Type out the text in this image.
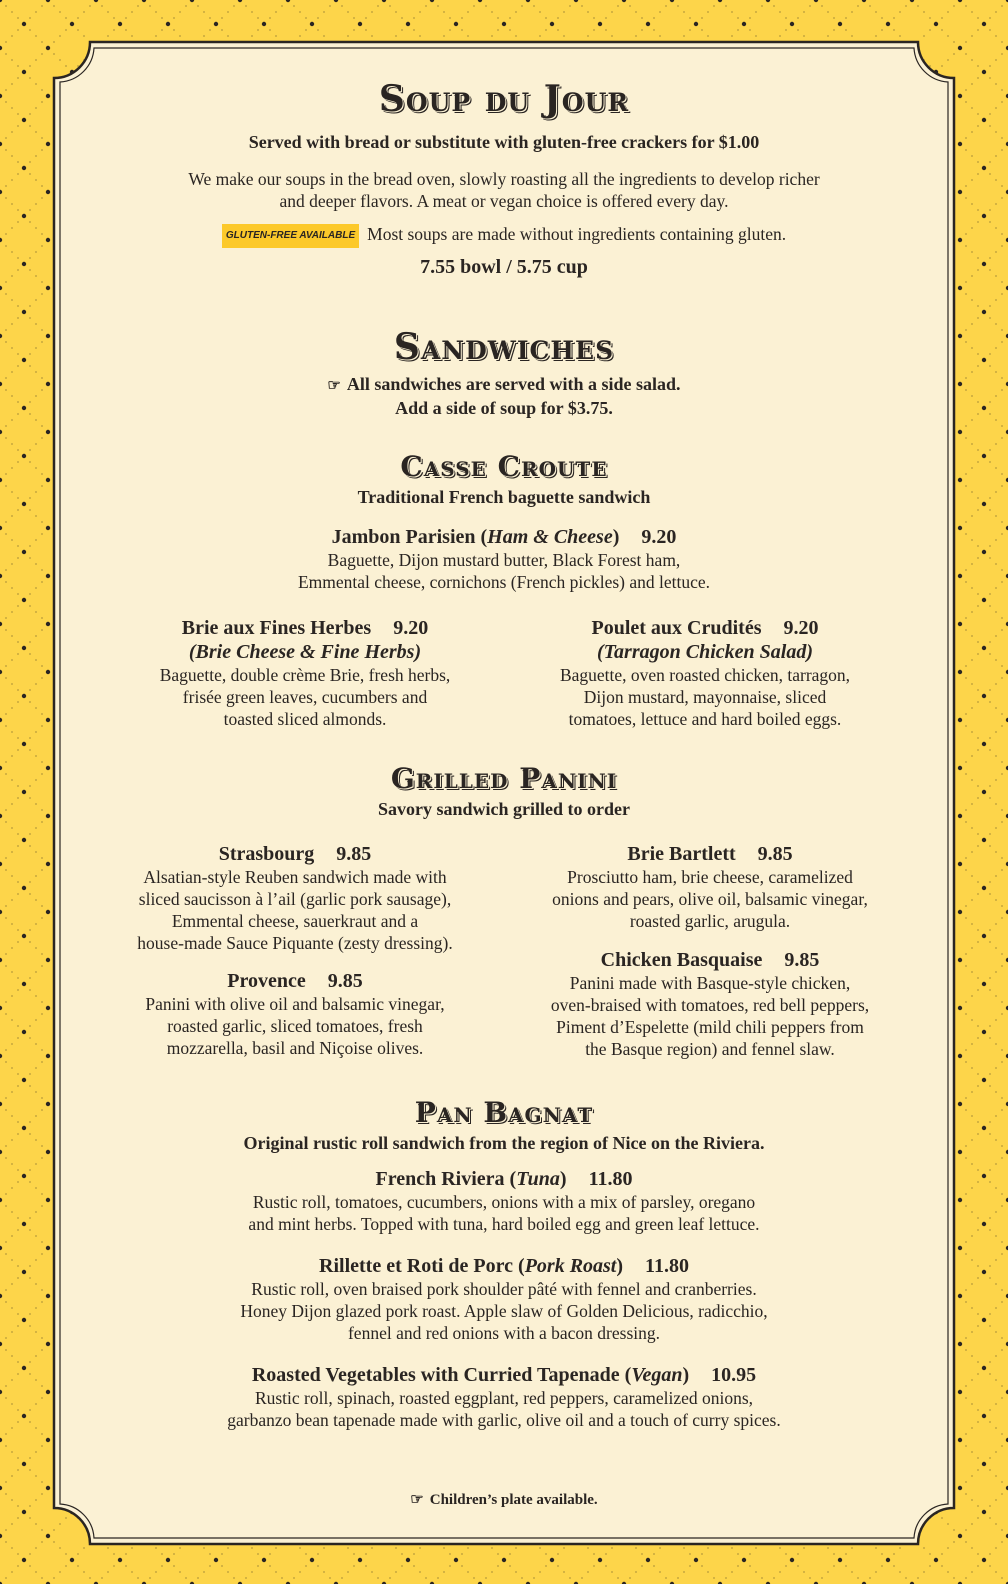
Soup du Jour
Served with bread or substitute with gluten-free crackers for $1.00
We make our soups in the bread oven, slowly roasting all the ingredients to develop richer
and deeper flavors. A meat or vegan choice is offered every day.
GLUTEN-FREE AVAILABLE Most soups are made without ingredients containing gluten.
7.55 bowl / 5.75 cup
Sandwiches
☞ All sandwiches are served with a side salad.
Add a side of soup for $3.75.
Casse Croute
Traditional French baguette sandwich
Jambon Parisien (Ham & Cheese) 9.20
Baguette, Dijon mustard butter, Black Forest ham,
Emmental cheese, cornichons (French pickles) and lettuce.
Brie aux Fines Herbes 9.20
(Brie Cheese & Fine Herbs)
Baguette, double crème Brie, fresh herbs,
frisée green leaves, cucumbers and
toasted sliced almonds.
Poulet aux Crudités 9.20
(Tarragon Chicken Salad)
Baguette, oven roasted chicken, tarragon,
Dijon mustard, mayonnaise, sliced
tomatoes, lettuce and hard boiled eggs.
Grilled Panini
Savory sandwich grilled to order
Strasbourg 9.85
Alsatian-style Reuben sandwich made with
sliced saucisson à l’ail (garlic pork sausage),
Emmental cheese, sauerkraut and a
house-made Sauce Piquante (zesty dressing).
Provence 9.85
Panini with olive oil and balsamic vinegar,
roasted garlic, sliced tomatoes, fresh
mozzarella, basil and Niçoise olives.
Brie Bartlett 9.85
Prosciutto ham, brie cheese, caramelized
onions and pears, olive oil, balsamic vinegar,
roasted garlic, arugula.
Chicken Basquaise 9.85
Panini made with Basque-style chicken,
oven-braised with tomatoes, red bell peppers,
Piment d’Espelette (mild chili peppers from
the Basque region) and fennel slaw.
Pan Bagnat
Original rustic roll sandwich from the region of Nice on the Riviera.
French Riviera (Tuna) 11.80
Rustic roll, tomatoes, cucumbers, onions with a mix of parsley, oregano
and mint herbs. Topped with tuna, hard boiled egg and green leaf lettuce.
Rillette et Roti de Porc (Pork Roast) 11.80
Rustic roll, oven braised pork shoulder pâté with fennel and cranberries.
Honey Dijon glazed pork roast. Apple slaw of Golden Delicious, radicchio,
fennel and red onions with a bacon dressing.
Roasted Vegetables with Curried Tapenade (Vegan) 10.95
Rustic roll, spinach, roasted eggplant, red peppers, caramelized onions,
garbanzo bean tapenade made with garlic, olive oil and a touch of curry spices.
☞ Children’s plate available.
